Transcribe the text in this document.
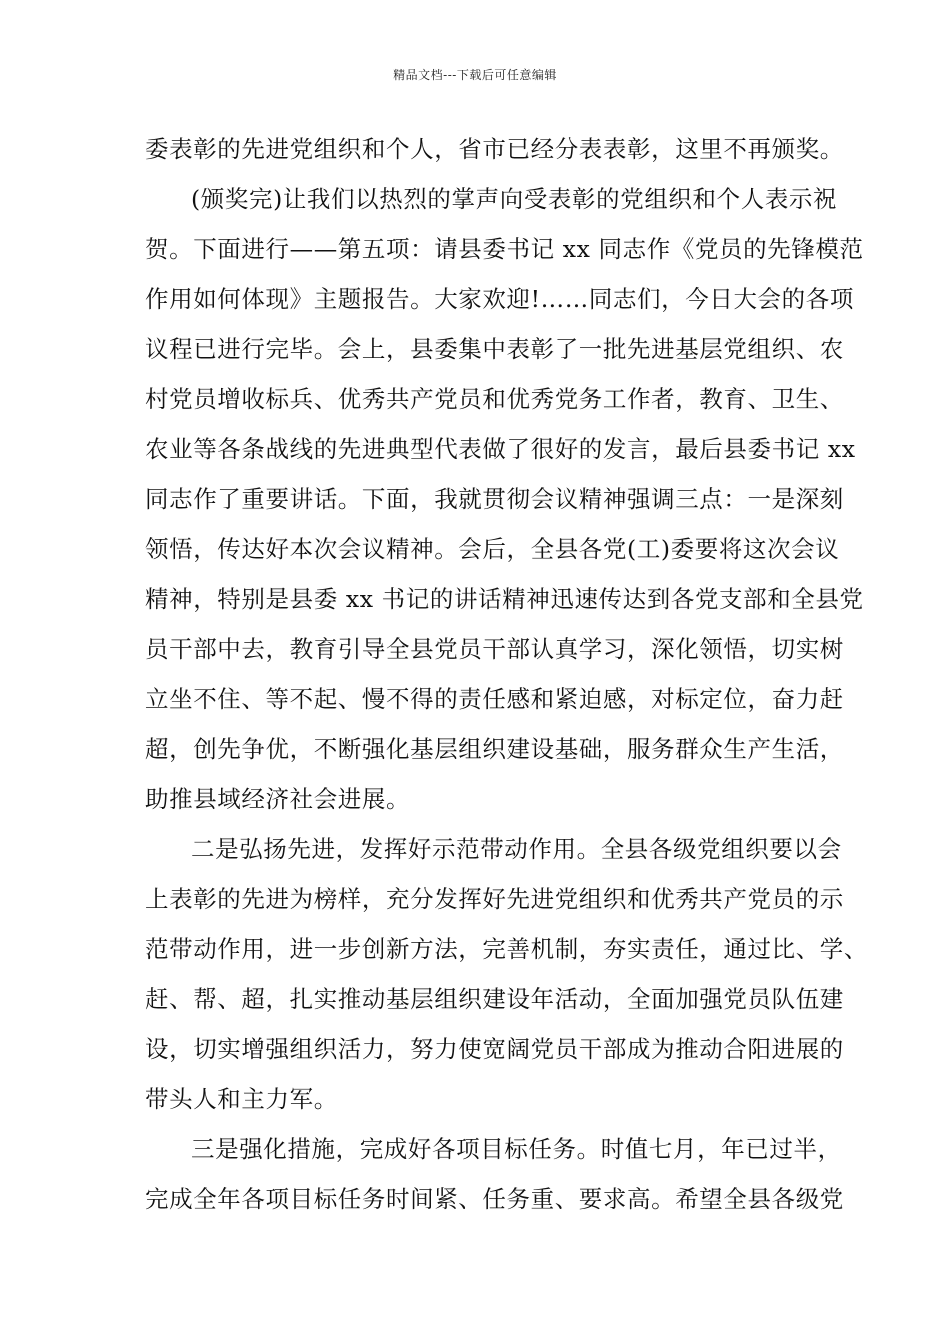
精品文档---下载后可任意编辑
委表彰的先进党组织和个人，省市已经分表表彰，这里不再颁奖。
(颁奖完)让我们以热烈的掌声向受表彰的党组织和个人表示祝
贺。下面进行——第五项：请县委书记 xx 同志作《党员的先锋模范
作用如何体现》主题报告。大家欢迎!……同志们，今日大会的各项
议程已进行完毕。会上，县委集中表彰了一批先进基层党组织、农
村党员增收标兵、优秀共产党员和优秀党务工作者，教育、卫生、
农业等各条战线的先进典型代表做了很好的发言，最后县委书记 xx
同志作了重要讲话。下面，我就贯彻会议精神强调三点：一是深刻
领悟，传达好本次会议精神。会后，全县各党(工)委要将这次会议
精神，特别是县委 xx 书记的讲话精神迅速传达到各党支部和全县党
员干部中去，教育引导全县党员干部认真学习，深化领悟，切实树
立坐不住、等不起、慢不得的责任感和紧迫感，对标定位，奋力赶
超，创先争优，不断强化基层组织建设基础，服务群众生产生活，
助推县域经济社会进展。
二是弘扬先进，发挥好示范带动作用。全县各级党组织要以会
上表彰的先进为榜样，充分发挥好先进党组织和优秀共产党员的示
范带动作用，进一步创新方法，完善机制，夯实责任，通过比、学、
赶、帮、超，扎实推动基层组织建设年活动，全面加强党员队伍建
设，切实增强组织活力，努力使宽阔党员干部成为推动合阳进展的
带头人和主力军。
三是强化措施，完成好各项目标任务。时值七月，年已过半，
完成全年各项目标任务时间紧、任务重、要求高。希望全县各级党
